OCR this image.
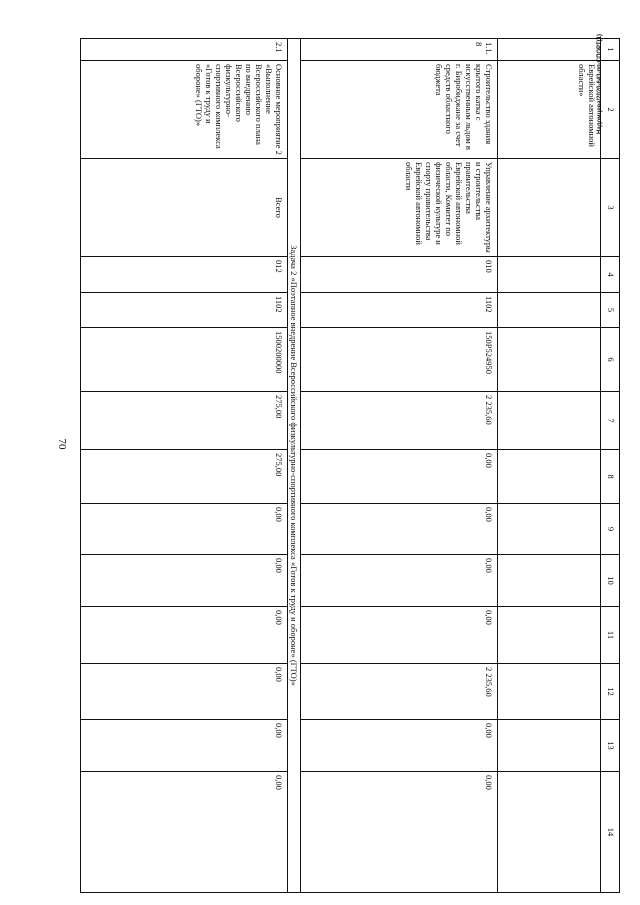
70
1	2	3	4	5	6	7	8	9	10	11	12	13	14
	Еврейской автономной области»												
1.1.8	Строительство здания крытого катка с искусственным льдом в г. Биробиджане за счет средств областного бюджета	Управление архитектуры и строительства правительства Еврейской автономной области, Комитет по физической культуре и спорту правительства Еврейской автономной области	010	1102	150P524950	2 235,60	0,00	0,00	0,00	0,00	2 235,60	0,00	0,00
Задача 2 «Поэтапное внедрение Всероссийского физкультурно-спортивного комплекса «Готов к труду и обороне» (ГТО)»													
2.1	Основное мероприятие 2 «Выполнение Всероссийского плана по внедрению Всероссийского физкультурно-спортивного комплекса «Готов к труду и обороне» (ГТО)»	Всего	012	1102	1500200000	275,00	275,00	0,00	0,00	0,00	0,00	0,00	0,00
Надомцева/2020-643-пп-СПОРТ(1)
